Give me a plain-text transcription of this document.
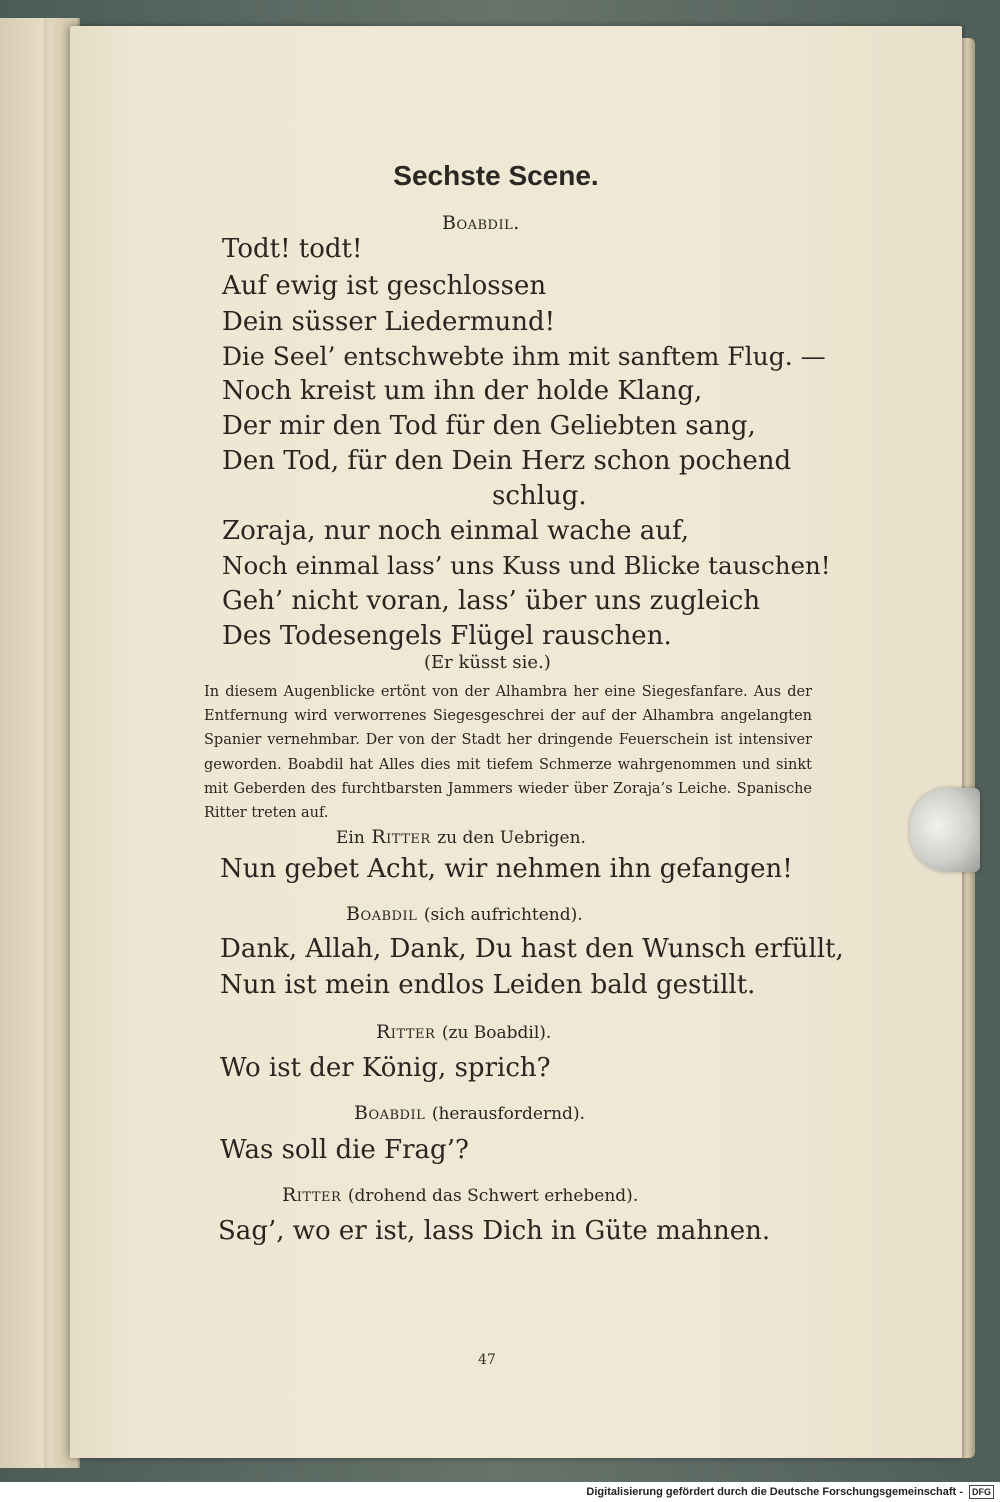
Sechste Scene.
Boabdil.
Todt! todt!
Auf ewig ist geschlossen
Dein süsser Liedermund!
Die Seel’ entschwebte ihm mit sanftem Flug. —
Noch kreist um ihn der holde Klang,
Der mir den Tod für den Geliebten sang,
Den Tod, für den Dein Herz schon pochend
schlug.
Zoraja, nur noch einmal wache auf,
Noch einmal lass’ uns Kuss und Blicke tauschen!
Geh’ nicht voran, lass’ über uns zugleich
Des Todesengels Flügel rauschen.
(Er küsst sie.)
In diesem Augenblicke ertönt von der Alhambra her eine Siegesfanfare. Aus der Entfernung wird verworrenes Siegesgeschrei der auf der Alhambra angelangten Spanier vernehmbar. Der von der Stadt her dringende Feuerschein ist intensiver geworden. Boabdil hat Alles dies mit tiefem Schmerze wahrgenommen und sinkt mit Geberden des furchtbarsten Jammers wieder über Zoraja’s Leiche. Spanische Ritter treten auf.
Ein Ritter zu den Uebrigen.
Nun gebet Acht, wir nehmen ihn gefangen!
Boabdil (sich aufrichtend).
Dank, Allah, Dank, Du hast den Wunsch erfüllt,
Nun ist mein endlos Leiden bald gestillt.
Ritter (zu Boabdil).
Wo ist der König, sprich?
Boabdil (herausfordernd).
Was soll die Frag’?
Ritter (drohend das Schwert erhebend).
Sag’, wo er ist, lass Dich in Güte mahnen.
47
Digitalisierung gefördert durch die Deutsche Forschungsgemeinschaft - DFG
